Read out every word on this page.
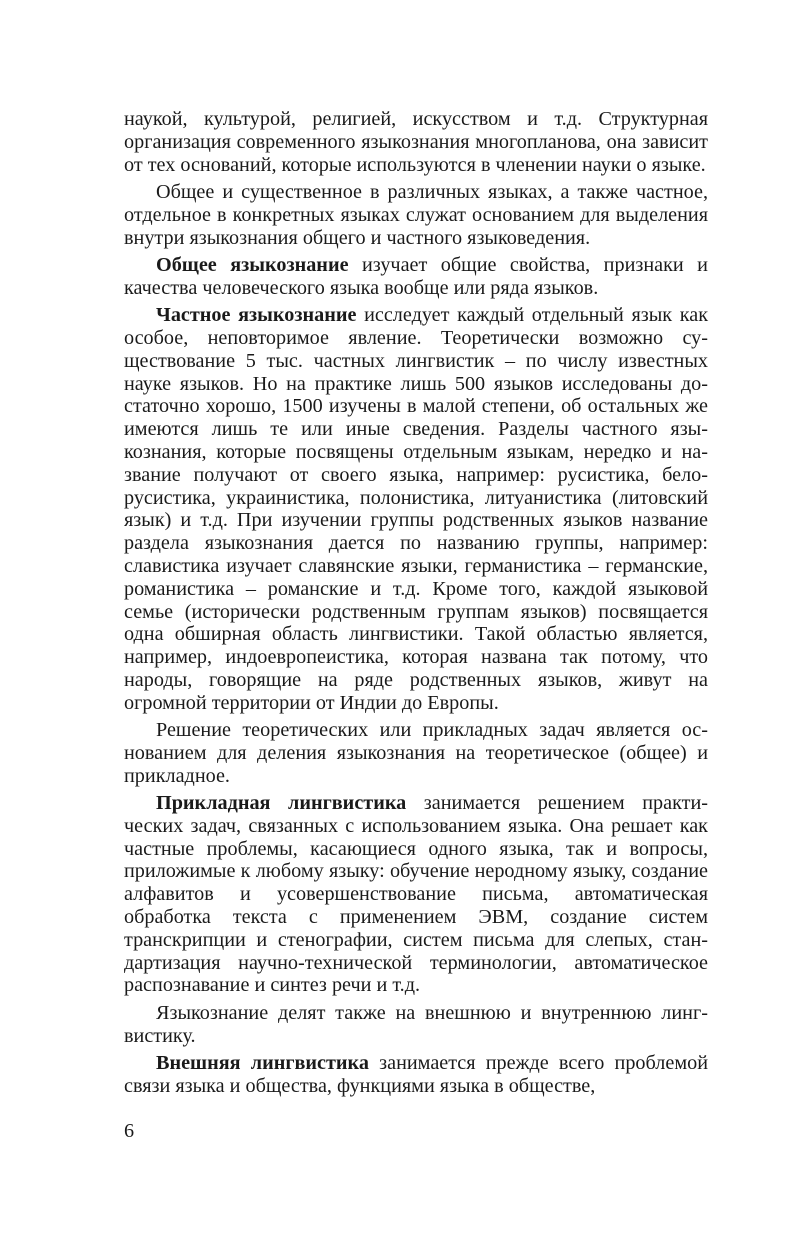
наукой, культурой, религией, искусством и т.д. Структурная организация современного языкознания многопланова, она зависит от тех оснований, которые используются в членении науки о языке.

Общее и существенное в различных языках, а также частное, отдельное в конкретных языках служат основанием для выделения внутри языкознания общего и частного языковедения.

Общее языкознание изучает общие свойства, признаки и качества человеческого языка вообще или ряда языков.

Частное языкознание исследует каждый отдельный язык как особое, неповторимое явление. Теоретически возможно существование 5 тыс. частных лингвистик – по числу известных науке языков. Но на практике лишь 500 языков исследованы достаточно хорошо, 1500 изучены в малой степени, об остальных же имеются лишь те или иные сведения. Разделы частного языкознания, которые посвящены отдельным языкам, нередко и название получают от своего языка, например: русистика, белорусистика, украинистика, полонистика, литуанистика (литовский язык) и т.д. При изучении группы родственных языков название раздела языкознания дается по названию группы, например: славистика изучает славянские языки, германистика – германские, романистика – романские и т.д. Кроме того, каждой языковой семье (исторически родственным группам языков) посвящается одна обширная область лингвистики. Такой областью является, например, индоевропеистика, которая названа так потому, что народы, говорящие на ряде родственных языков, живут на огромной территории от Индии до Европы.

Решение теоретических или прикладных задач является основанием для деления языкознания на теоретическое (общее) и прикладное.

Прикладная лингвистика занимается решением практических задач, связанных с использованием языка. Она решает как частные проблемы, касающиеся одного языка, так и вопросы, приложимые к любому языку: обучение неродному языку, создание алфавитов и усовершенствование письма, автоматическая обработка текста с применением ЭВМ, создание систем транскрипции и стенографии, систем письма для слепых, стандартизация научно-технической терминологии, автоматическое распознавание и синтез речи и т.д.

Языкознание делят также на внешнюю и внутреннюю лингвистику.

Внешняя лингвистика занимается прежде всего проблемой связи языка и общества, функциями языка в обществе,

6
